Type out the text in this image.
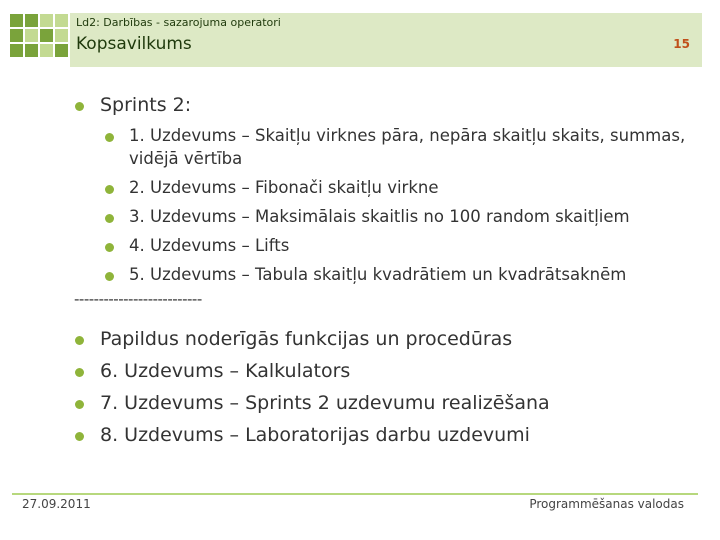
Ld2: Darbības - sazarojuma operatori
Kopsavilkums	15
Sprints 2:
1. Uzdevums – Skaitļu virknes pāra, nepāra skaitļu skaits, summas,
vidējā vērtība
2. Uzdevums – Fibonači skaitļu virkne
3. Uzdevums – Maksimālais skaitlis no 100 random skaitļiem
4. Uzdevums – Lifts
5. Uzdevums – Tabula skaitļu kvadrātiem un kvadrātsaknēm
--------------------------
Papildus noderīgās funkcijas un procedūras
6. Uzdevums – Kalkulators
7. Uzdevums – Sprints 2 uzdevumu realizēšana
8. Uzdevums – Laboratorijas darbu uzdevumi
27.09.2011	Programmēšanas valodas
